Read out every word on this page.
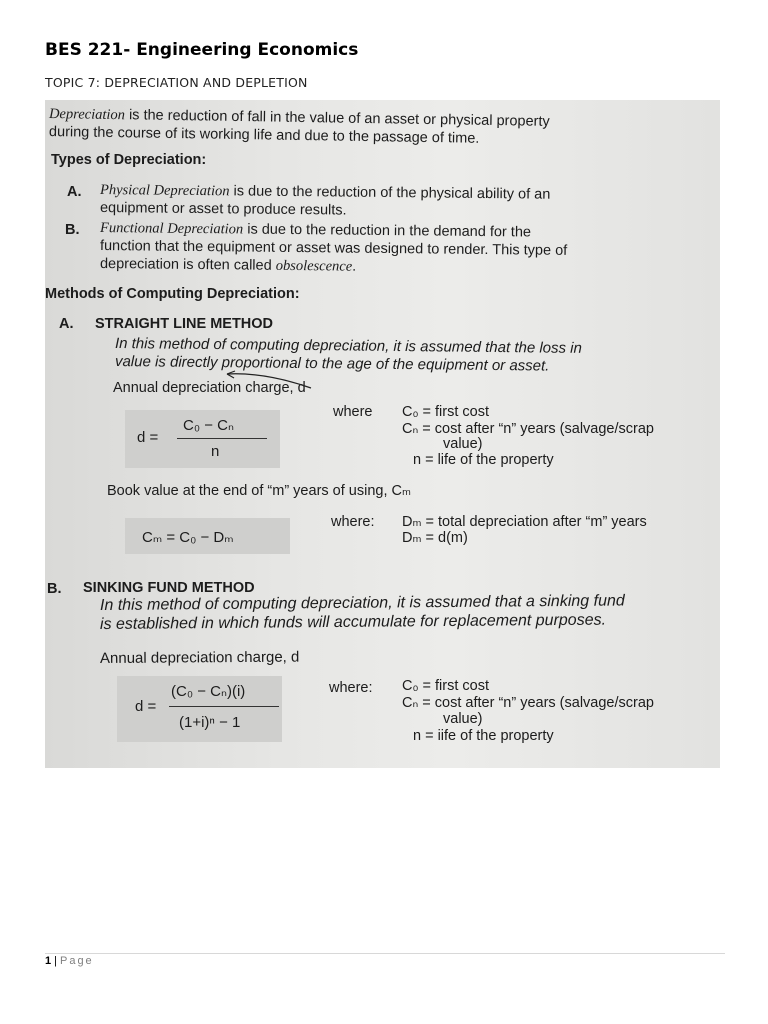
BES 221- Engineering Economics
TOPIC 7: DEPRECIATION AND DEPLETION
Depreciation is the reduction of fall in the value of an asset or physical property
during the course of its working life and due to the passage of time.
Types of Depreciation:
A. Physical Depreciation is due to the reduction of the physical ability of an
equipment or asset to produce results.
B. Functional Depreciation is due to the reduction in the demand for the
function that the equipment or asset was designed to render. This type of
depreciation is often called obsolescence.
Methods of Computing Depreciation:
A. STRAIGHT LINE METHOD
In this method of computing depreciation, it is assumed that the loss in
value is directly proportional to the age of the equipment or asset.
Annual depreciation charge, d
d =
C₀ − Cₙ
n
where C₀ = first cost
Cₙ = cost after “n” years (salvage/scrap
value)
n = life of the property
Book value at the end of “m” years of using, Cₘ
Cₘ = C₀ − Dₘ
where: Dₘ = total depreciation after “m” years
Dₘ = d(m)
B. SINKING FUND METHOD
In this method of computing depreciation, it is assumed that a sinking fund
is established in which funds will accumulate for replacement purposes.
Annual depreciation charge, d
d =
(C₀ − Cₙ)(i)
(1+i)ⁿ − 1
where: C₀ = first cost
Cₙ = cost after “n” years (salvage/scrap
value)
n = iife of the property
1 | Page
